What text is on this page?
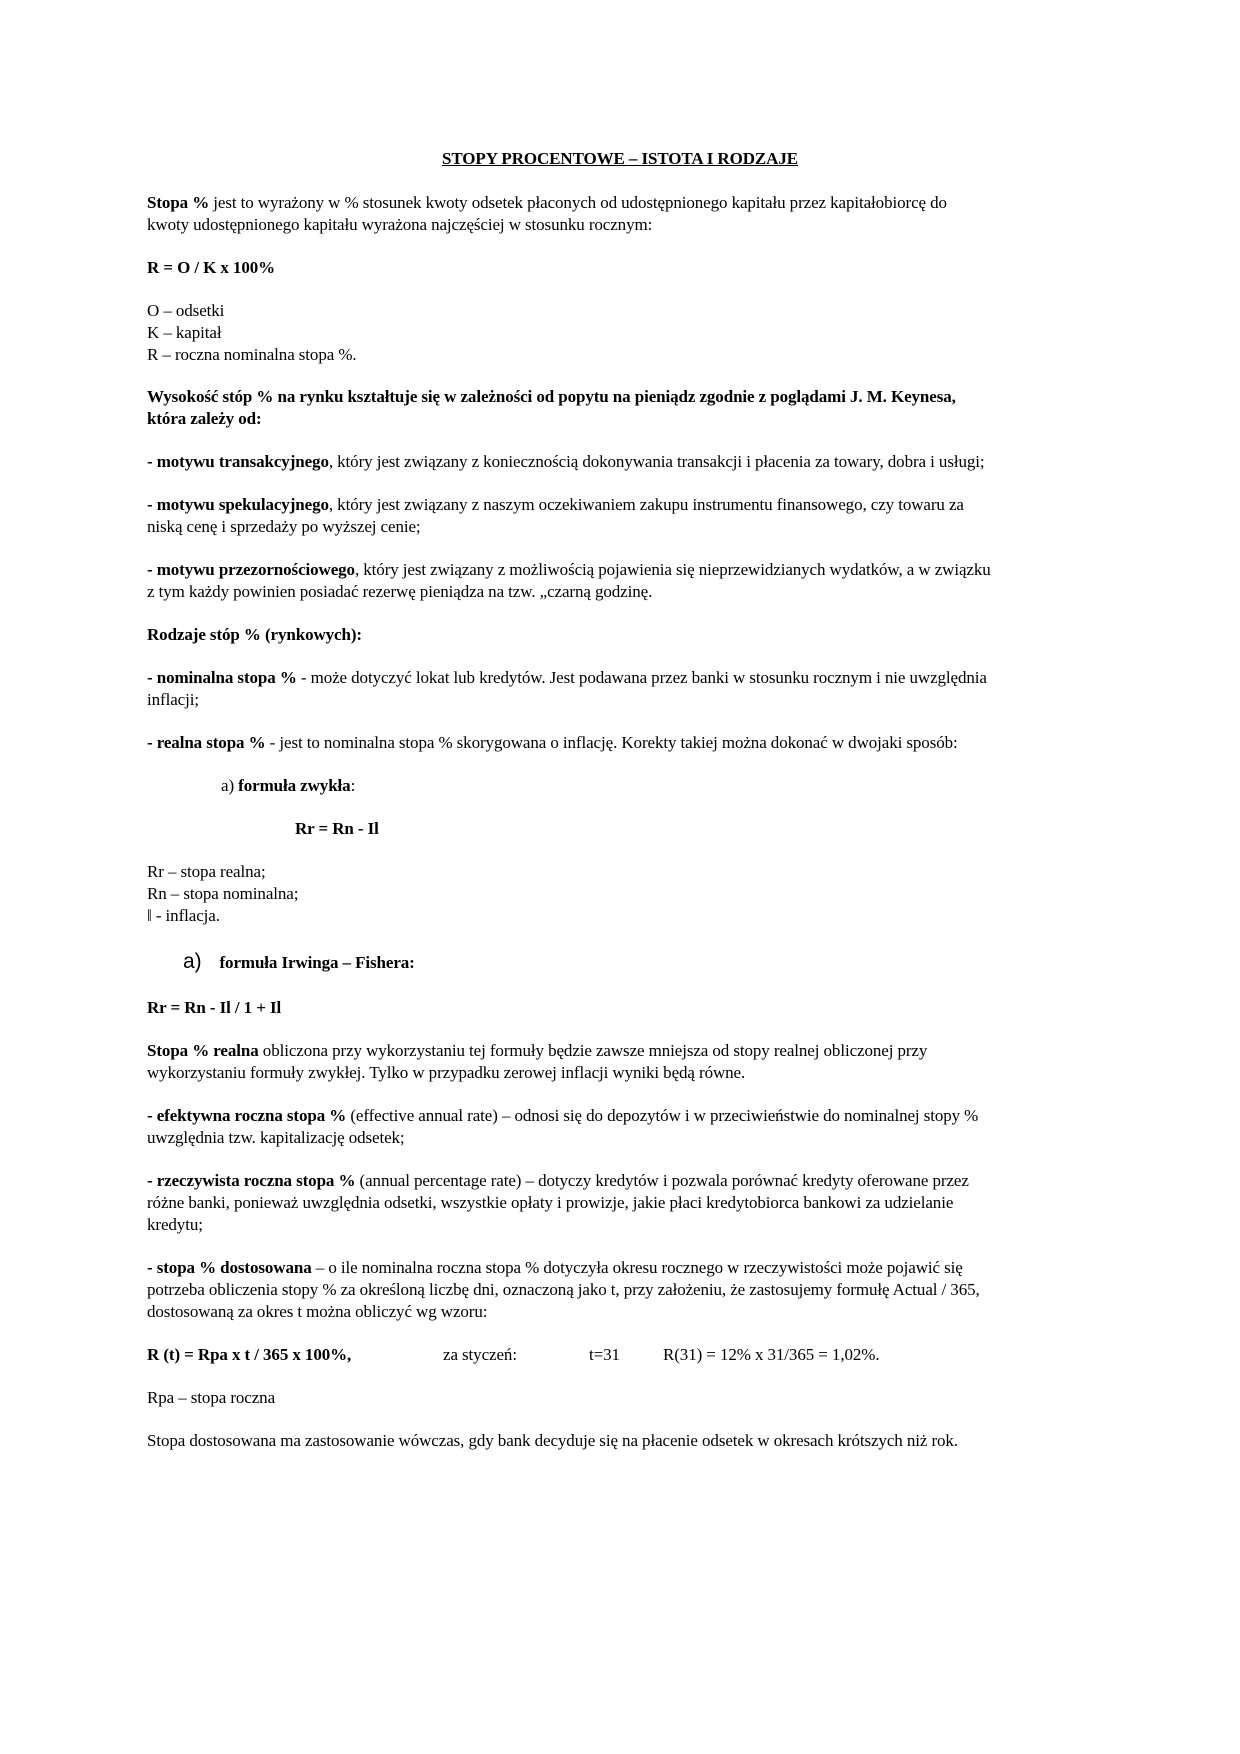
STOPY PROCENTOWE – ISTOTA I RODZAJE
Stopa % jest to wyrażony w % stosunek kwoty odsetek płaconych od udostępnionego kapitału przez kapitałobiorcę do
kwoty udostępnionego kapitału wyrażona najczęściej w stosunku rocznym:
R = O / K x 100%
O – odsetki
K – kapitał
R – roczna nominalna stopa %.
Wysokość stóp % na rynku kształtuje się w zależności od popytu na pieniądz zgodnie z poglądami J. M. Keynesa,
która zależy od:
- motywu transakcyjnego, który jest związany z koniecznością dokonywania transakcji i płacenia za towary, dobra i usługi;
- motywu spekulacyjnego, który jest związany z naszym oczekiwaniem zakupu instrumentu finansowego, czy towaru za
niską cenę i sprzedaży po wyższej cenie;
- motywu przezornościowego, który jest związany z możliwością pojawienia się nieprzewidzianych wydatków, a w związku
z tym każdy powinien posiadać rezerwę pieniądza na tzw. „czarną godzinę.
Rodzaje stóp % (rynkowych):
- nominalna stopa % - może dotyczyć lokat lub kredytów. Jest podawana przez banki w stosunku rocznym i nie uwzględnia
inflacji;
- realna stopa % - jest to nominalna stopa % skorygowana o inflację. Korekty takiej można dokonać w dwojaki sposób:
a) formuła zwykła:
Rr = Rn - Il
Rr – stopa realna;
Rn – stopa nominalna;
ǁ - inflacja.
a) formuła Irwinga – Fishera:
Rr = Rn - Il / 1 + Il
Stopa % realna obliczona przy wykorzystaniu tej formuły będzie zawsze mniejsza od stopy realnej obliczonej przy
wykorzystaniu formuły zwykłej. Tylko w przypadku zerowej inflacji wyniki będą równe.
- efektywna roczna stopa % (effective annual rate) – odnosi się do depozytów i w przeciwieństwie do nominalnej stopy %
uwzględnia tzw. kapitalizację odsetek;
- rzeczywista roczna stopa % (annual percentage rate) – dotyczy kredytów i pozwala porównać kredyty oferowane przez
różne banki, ponieważ uwzględnia odsetki, wszystkie opłaty i prowizje, jakie płaci kredytobiorca bankowi za udzielanie
kredytu;
- stopa % dostosowana – o ile nominalna roczna stopa % dotyczyła okresu rocznego w rzeczywistości może pojawić się
potrzeba obliczenia stopy % za określoną liczbę dni, oznaczoną jako t, przy założeniu, że zastosujemy formułę Actual / 365,
dostosowaną za okres t można obliczyć wg wzoru:
R (t) = Rpa x t / 365 x 100%,	za styczeń:	t=31	R(31) = 12% x 31/365 = 1,02%.
Rpa – stopa roczna
Stopa dostosowana ma zastosowanie wówczas, gdy bank decyduje się na płacenie odsetek w okresach krótszych niż rok.
